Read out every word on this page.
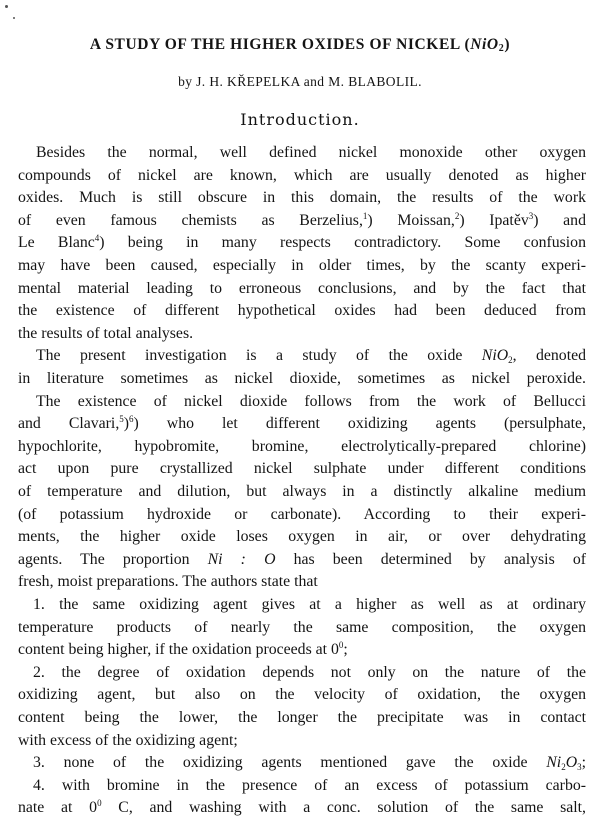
A STUDY OF THE HIGHER OXIDES OF NICKEL (NiO$_2$)
by J. H. KŘEPELKA and M. BLABOLIL.
Introduction.
Besides the normal, well defined nickel monoxide other oxygen
compounds of nickel are known, which are usually denoted as higher
oxides. Much is still obscure in this domain, the results of the work
of even famous chemists as Berzelius,$^1$) Moissan,$^2$) Ipatěv$^3$) and
Le Blanc$^4$) being in many respects contradictory. Some confusion
may have been caused, especially in older times, by the scanty experi-
mental material leading to erroneous conclusions, and by the fact that
the existence of different hypothetical oxides had been deduced from
the results of total analyses.
The present investigation is a study of the oxide NiO$_2$, denoted
in literature sometimes as nickel dioxide, sometimes as nickel peroxide.
The existence of nickel dioxide follows from the work of Bellucci
and Clavari,$^5$)$^6$) who let different oxidizing agents (persulphate,
hypochlorite, hypobromite, bromine, electrolytically-prepared chlorine)
act upon pure crystallized nickel sulphate under different conditions
of temperature and dilution, but always in a distinctly alkaline medium
(of potassium hydroxide or carbonate). According to their experi-
ments, the higher oxide loses oxygen in air, or over dehydrating
agents. The proportion Ni : O has been determined by analysis of
fresh, moist preparations. The authors state that
1. the same oxidizing agent gives at a higher as well as at ordinary
temperature products of nearly the same composition, the oxygen
content being higher, if the oxidation proceeds at $0^0$;
2. the degree of oxidation depends not only on the nature of the
oxidizing agent, but also on the velocity of oxidation, the oxygen
content being the lower, the longer the precipitate was in contact
with excess of the oxidizing agent;
3. none of the oxidizing agents mentioned gave the oxide $Ni_2O_3$;
4. with bromine in the presence of an excess of potassium carbo-
nate at $0^0$ C, and washing with a conc. solution of the same salt,
